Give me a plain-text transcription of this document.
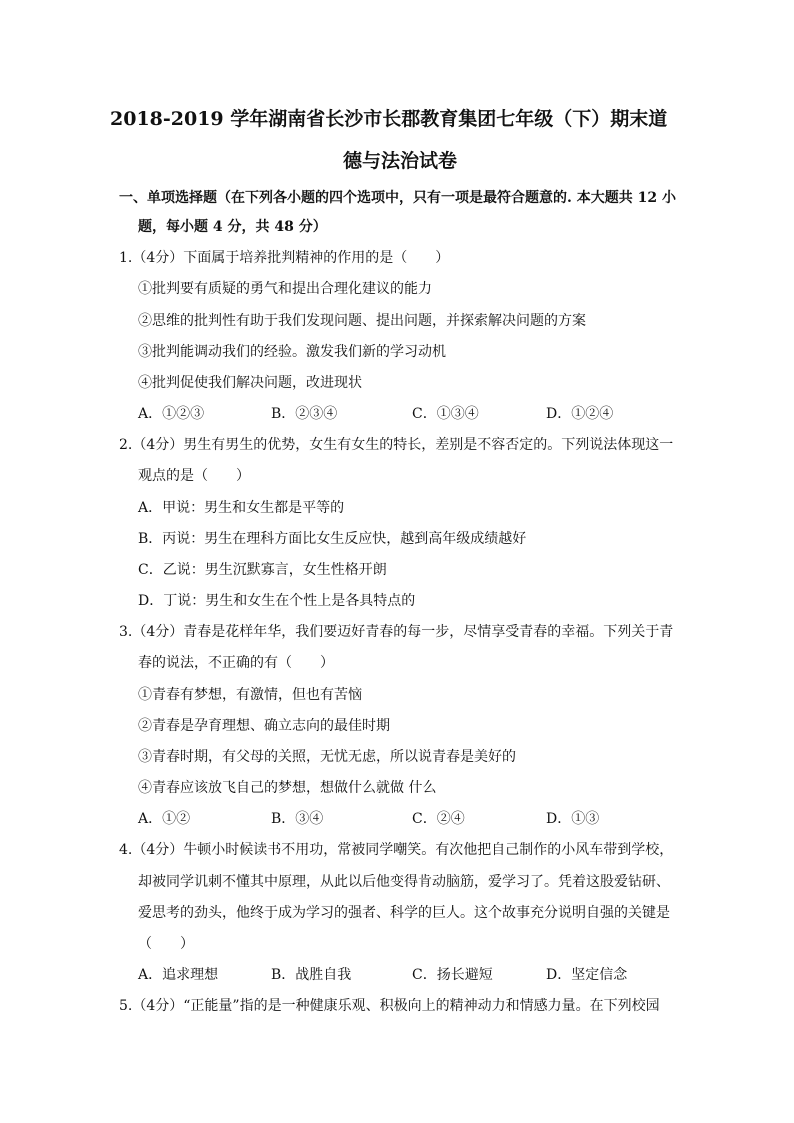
2018-2019 学年湖南省长沙市长郡教育集团七年级（下）期末道
德与法治试卷
一、单项选择题（在下列各小题的四个选项中，只有一项是最符合题意的. 本大题共 12 小
题，每小题 4 分，共 48 分）
1.（4分）下面属于培养批判精神的作用的是（　　）
①批判要有质疑的勇气和提出合理化建议的能力
②思维的批判性有助于我们发现问题、提出问题，并探索解决问题的方案
③批判能调动我们的经验。激发我们新的学习动机
④批判促使我们解决问题，改进现状
A．①②③	B．②③④	C．①③④	D．①②④
2.（4分）男生有男生的优势，女生有女生的特长，差别是不容否定的。下列说法体现这一
观点的是（　　）
A．甲说：男生和女生都是平等的
B．丙说：男生在理科方面比女生反应快，越到高年级成绩越好
C．乙说：男生沉默寡言，女生性格开朗
D．丁说：男生和女生在个性上是各具特点的
3.（4分）青春是花样年华，我们要迈好青春的每一步，尽情享受青春的幸福。下列关于青
春的说法，不正确的有（　　）
①青春有梦想，有激情，但也有苦恼
②青春是孕育理想、确立志向的最佳时期
③青春时期，有父母的关照，无忧无虑，所以说青春是美好的
④青春应该放飞自己的梦想，想做什么就做 什么
A．①②	B．③④	C．②④	D．①③
4.（4分）牛顿小时候读书不用功，常被同学嘲笑。有次他把自己制作的小风车带到学校，
却被同学讥刺不懂其中原理，从此以后他变得肯动脑筋，爱学习了。凭着这股爱钻研、
爱思考的劲头，他终于成为学习的强者、科学的巨人。这个故事充分说明自强的关键是
（　　）
A．追求理想	B．战胜自我	C．扬长避短	D．坚定信念
5.（4分）“正能量”指的是一种健康乐观、积极向上的精神动力和情感力量。在下列校园
